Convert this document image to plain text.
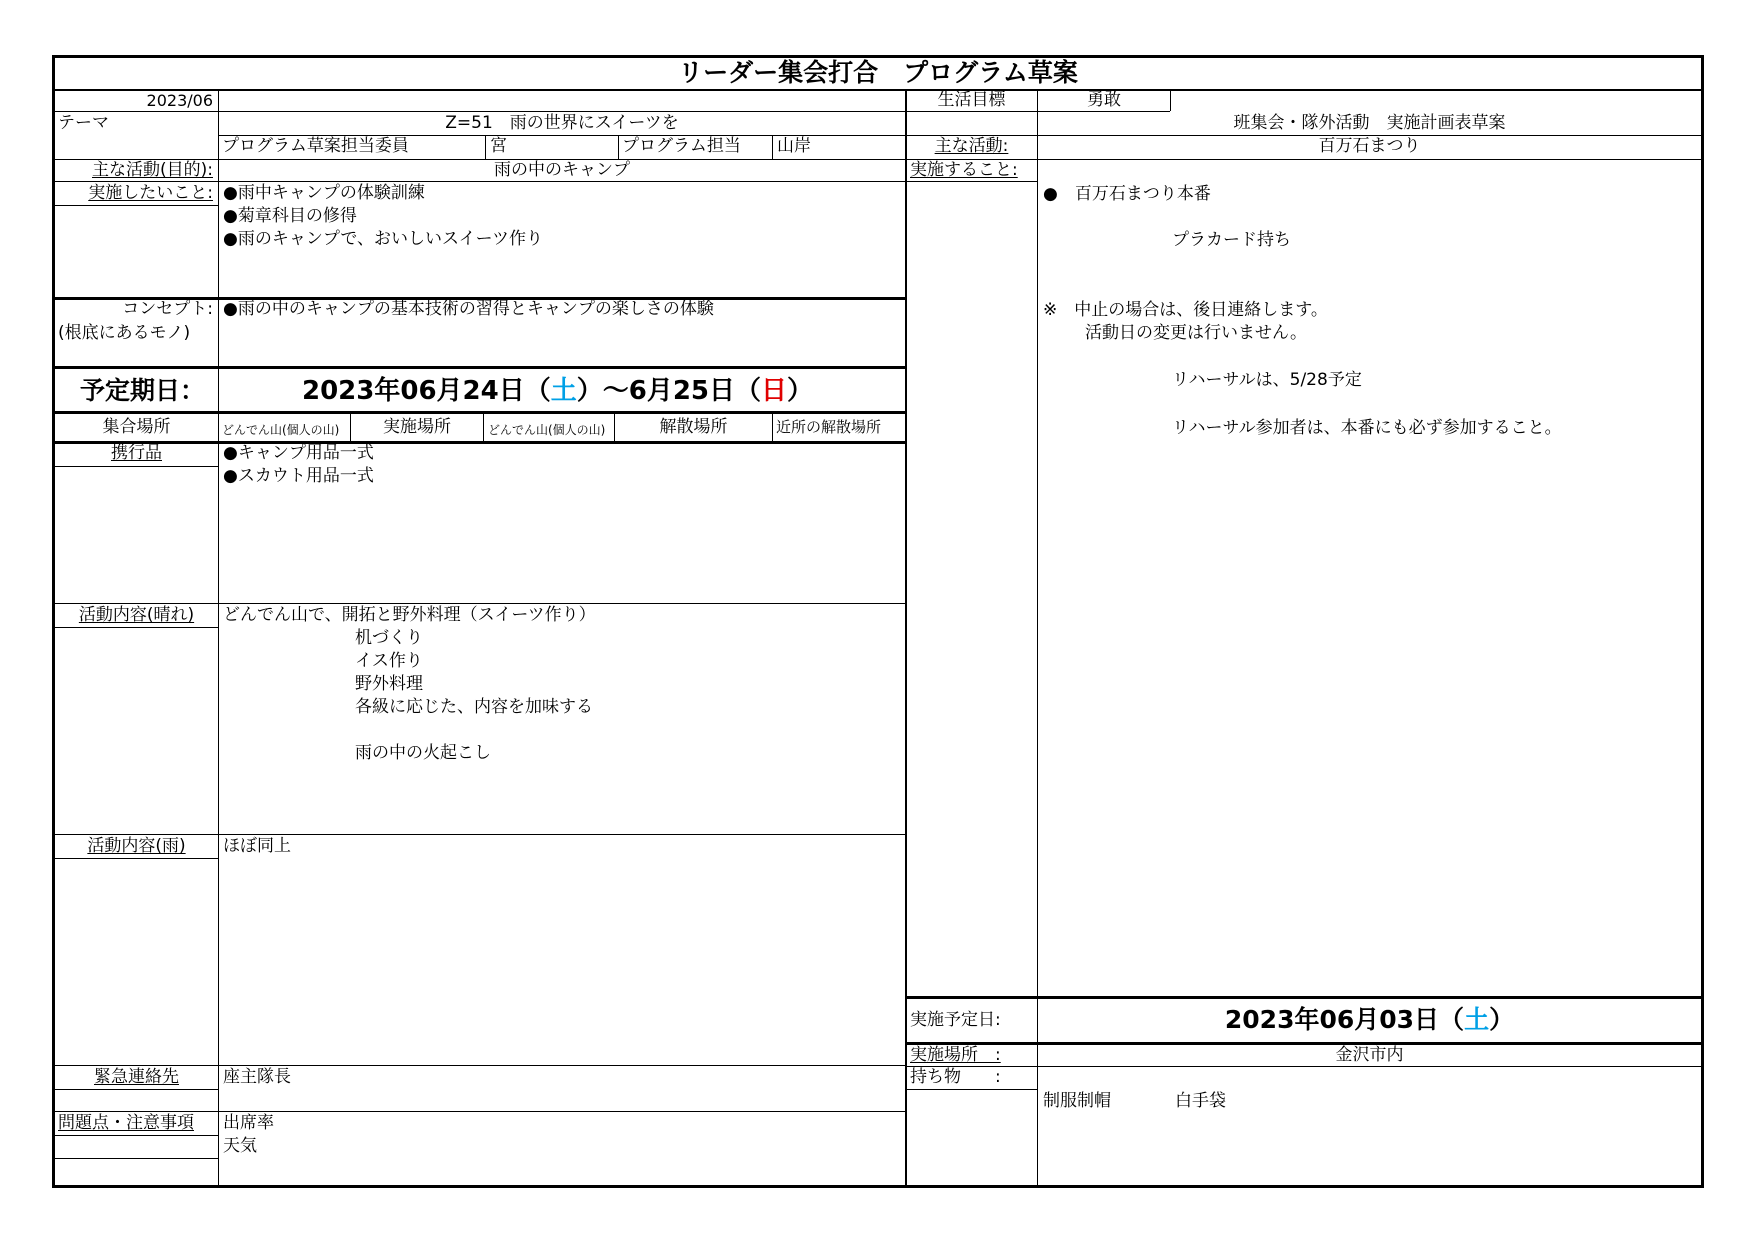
リーダー集会打合　プログラム草案
2023/06
テーマ	Z=51　雨の世界にスイーツを
プログラム草案担当委員	宮	プログラム担当 山岸
主な活動(目的):	雨の中のキャンプ
実施したいこと: ●雨中キャンプの体験訓練
●菊章科目の修得
●雨のキャンプで、おいしいスイーツ作り
コンセプト:
(根底にあるモノ)
●雨の中のキャンプの基本技術の習得とキャンプの楽しさの体験
予定期日：	2023年06月24日（土）～6月25日（日）
集合場所	どんでん山(個人の山)	実施場所	どんでん山(個人の山)	解散場所	近所の解散場所
携行品	●キャンプ用品一式
●スカウト用品一式
活動内容(晴れ)	どんでん山で、開拓と野外料理（スイーツ作り）
机づくり
イス作り
野外料理
各級に応じた、内容を加味する
雨の中の火起こし
活動内容(雨)	ほぼ同上
緊急連絡先	座主隊長
問題点・注意事項 出席率
天気
生活目標	勇敢
班集会・隊外活動　実施計画表草案
主な活動:	百万石まつり
実施すること:
●　百万石まつり本番
プラカード持ち
※　中止の場合は、後日連絡します。
活動日の変更は行いません。
リハーサルは、5/28予定
リハーサル参加者は、本番にも必ず参加すること。
実施予定日:	2023年06月03日（土）
実施場所　:	金沢市内
持ち物　　:
制服制帽	白手袋
